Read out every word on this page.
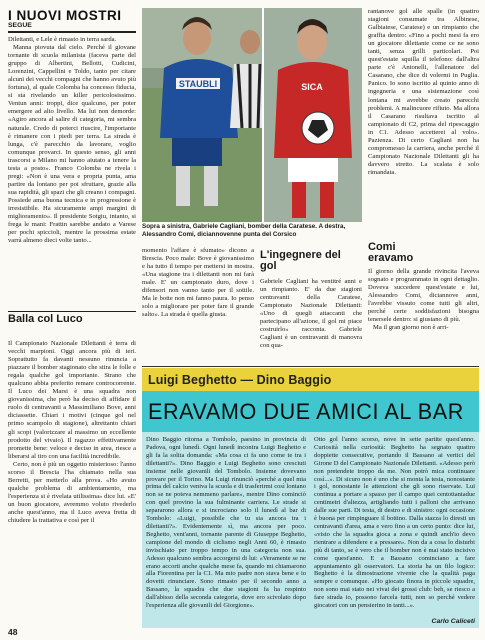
I NUOVI MOSTRI
SEGUE

Dilettanti, e Lele è rimasto in terra sarda.

Manna piovuta dal cielo. Perché il giovane tornante di scuola milanista (faceva parte del gruppo di Albertini, Bellotti, Cudicini, Lorenzini, Cappellini e Toldo, tanto per citare alcuni dei vecchi compagni che hanno avuto più fortuna), al quale Colomba ha concesso fiducia, si sta rivelando un killer pericolosissimo. Ventun anni: troppi, dice qualcuno, per poter emergere ad alto livello. Ma lui non demorde: «Agiro ancora al salire di categoria, mi sembra naturale. Credo di poterci riuscire, l'importante è rimanere con i piedi per terra. La strada è lunga, c'è parecchio da lavorare, voglio comunque provarci. In questo senso, gli anni trascorsi a Milano mi hanno aiutato a tenere la testa a posto». Franco Colomba ne rivela i pregi: «Non è una vera e propria punta, ama partire da lontano per poi sfruttare, grazie alla sua rapidità, gli spazi che gli creano i compagni. Possiede ama buona tecnica e in progressione è irresistibile. Ha sicuramente ampi margini di miglioramento». Il presidente Sotgiu, intanto, si frega le mani: Frattin sarebbe andato a Varese per pochi spiccioli, mentre la prossima estate varrà almeno dieci volte tanto...

Balla col Luco

Il Campionato Nazionale Dilettanti è terra di vecchi marpioni. Oggi ancora più di ieri. Soprattutto fa davanti nessuno rinuncia a piazzare il bomber stagionato che stira le folle e regala qualche gol importante. Strano che qualcuno abbia preferito remare controcorrente. Il Luco dei Marsi è una squadra non giovanissima, che però ha deciso di affidare il ruolo di centravanti a Massimiliano Bove, anni diciassette. Chiari i motivi (cinque gol nel primo scampolo di stagione), altrettanto chiari gli scopi (valorizzare al massimo un eccellente prodotto del vivaio). Il ragazzo effettivamente promette bene: veloce e deciso in area, riesce a liberarsi al tiro con una facilità incredibile.

Certo, non è più un oggetto misterioso: l'anno scorso il Brescia l'ha chiamato nella sua Berretti, per metterlo alla prova. «Ho avuto qualche problema di ambientamento, ma l'esperienza si è rivelata utilissima» dice lui. «E' un buon giocatore, avremmo voluto rivederlo anche quest'anno, ma il Luco aveva fretta di chiudere la trattativa e così per il

STAUBLI	SICA
Sopra a sinistra, Gabriele Cagliani, bomber della Caratese. A destra, Alessandro Comi, diciannovenne punta del Corsico

momento l'affare è sfumato» dicono a Brescia. Poco male: Bove è giovanissimo e ha tutto il tempo per mettersi in mostra. «Una stagione tra i dilettanti non mi farà male. E' un campionato duro, dove i difensori non vanno tanto per il sottile. Ma le botte non mi fanno paura. Io penso solo a migliorare per poter fare il grande salto». La strada è quella giusta.

L'ingegnere del gol

Gabriele Cagliani ha ventitré anni e un rimpianto. E' da due stagioni centravanti della Caratese, Campionato Nazionale Dilettanti: «Uno di quegli attaccanti che partecipano all'azione, il gol mi piace costruirlo» racconta. Gabriele Cagliani è un centravanti di manovra con qua-

rantanove gol alle spalle (in quattro stagioni consumate tra Albinese, Galbiatese, Caratese) e un rimpianto che graffia dentro: «Fino a pochi mesi fa ero un giocatore dilettante come ce ne sono tanti, senza grilli particolari. Poi quest'estate squilla il telefono: dall'altra parte c'è Antonelli, l'allenatore del Casarano, che dice di volermi in Puglia. Panico. Io sono iscritto al quinto anno di ingegneria e una sistemazione così lontana mi avrebbe creato parecchi problemi. A malincuore rifiuto. Ma allora il Casarano risultava iscritto al campionato di C2, prima del ripescaggio in C1. Adesso accetterei al volo». Pazienza. Di certo Cagliani non ha compromesso la carriera, anche perché il Campionato Nazionale Dilettanti gli ha davvero stretto. La scalata è solo rimandata.

Comi eravamo

Il giorno della grande rivincita l'aveva sognato e programmato in ogni dettaglio. Doveva succedere quest'estate e lui, Alessandro Comi, diciannove anni, l'avrebbe vissuto come tutti gli altri, perché certe soddisfazioni bisogna tenersele dentro: si giustano di più.

Ma il gran giorno non è arri-

Luigi Beghetto — Dino Baggio
ERAVAMO DUE AMICI AL BAR

Dino Baggio ritorna a Tombolo, paesino in provincia di Padova, ogni lunedì. Ogni lunedì incontra Luigi Beghetto e gli fa la solita domanda: «Ma cosa ci fa uno come te tra i dilettanti?». Dino Baggio e Luigi Beghetto sono cresciuti insieme nelle giovanili del Tombolo. Insieme dovevano provare per il Torino. Ma Luigi rinunciò «perché a quel mia prima del calcio veniva la scuola e di trasferirmi così lontano non se ne poteva nemmeno parlare», mentre Dino cominciò con quel provino la sua fulminante carriera. Le strade si separarono allora e si incrociano solo il lunedì al bar di Tombolo: «Luigi, possibile che tu sia ancora tra i dilettanti?». Evidentemente sì, ma ancora per poco. Beghetto, vent'anni, tornante parente di Giuseppe Beghetto, campione del mondo di ciclismo negli Anni 60, è rimasto invischiato per troppo tempo in una categoria non sua. Adesso qualcuno sembra accorgersi di lui: «Veramente se ne erano accorti anche qualche mese fa, quando mi chiamarono alla Fiorentina per la C1. Ma mio padre non stava bene e io dovetti rinunciare. Sono rimasto per il secondo anno a Bassano, la squadra che due stagioni fa ha respinto dall'abisso della seconda categoria, dove ero scivolato dopo l'esperienza alle giovanili del Giorgione».

Otto gol l'anno scorso, nove in sette partite quest'anno. Curiosità nella curiosità: Beghetto ha segnato quattro doppiette consecutive, portando il Bassano ai vertici del Girone D del Campionato Nazionale Dilettanti. «Adesso però non pretendete troppo da me. Non potrò mica continuare così...». Di sicuro non è uno che si monta la testa, nonostante i gol, nonostante le attenzioni che gli sono riservate. Lui continua a portare a spasso per il campo quei centottantadue centimetri d'altezza, artigliando tutti i palloni che arrivano dalle sue parti. Di testa, di destro e di sinistro: ogni occasione è buona per rimpinguare il bottino. Dalla stazza lo diresti un centravanti d'area, ama e vero fino a un certo punto: dice lui, «visto che la squadra gioca a zona e quindi anch'io devo rientrare a difendere e a pressare». Non da a cosa lo disturbi più di tanto, se è vero che il bomber non è mai stato incisivo come quest'anno. E a Bassano cominciano a fare appuntamento gli osservatori. La storia ha un filo logico: Beghetto è la dimostrazione vivente che la qualità paga sempre e comunque. «Ho giocato finora in piccole squadre, non sono mai stato nei vivai dei grossi club: beh, se riesco a fare strada io, possono farcela tutti, non so perché vedere giocatori con un pensierino in tanti...».

Carlo Caliceti
48
